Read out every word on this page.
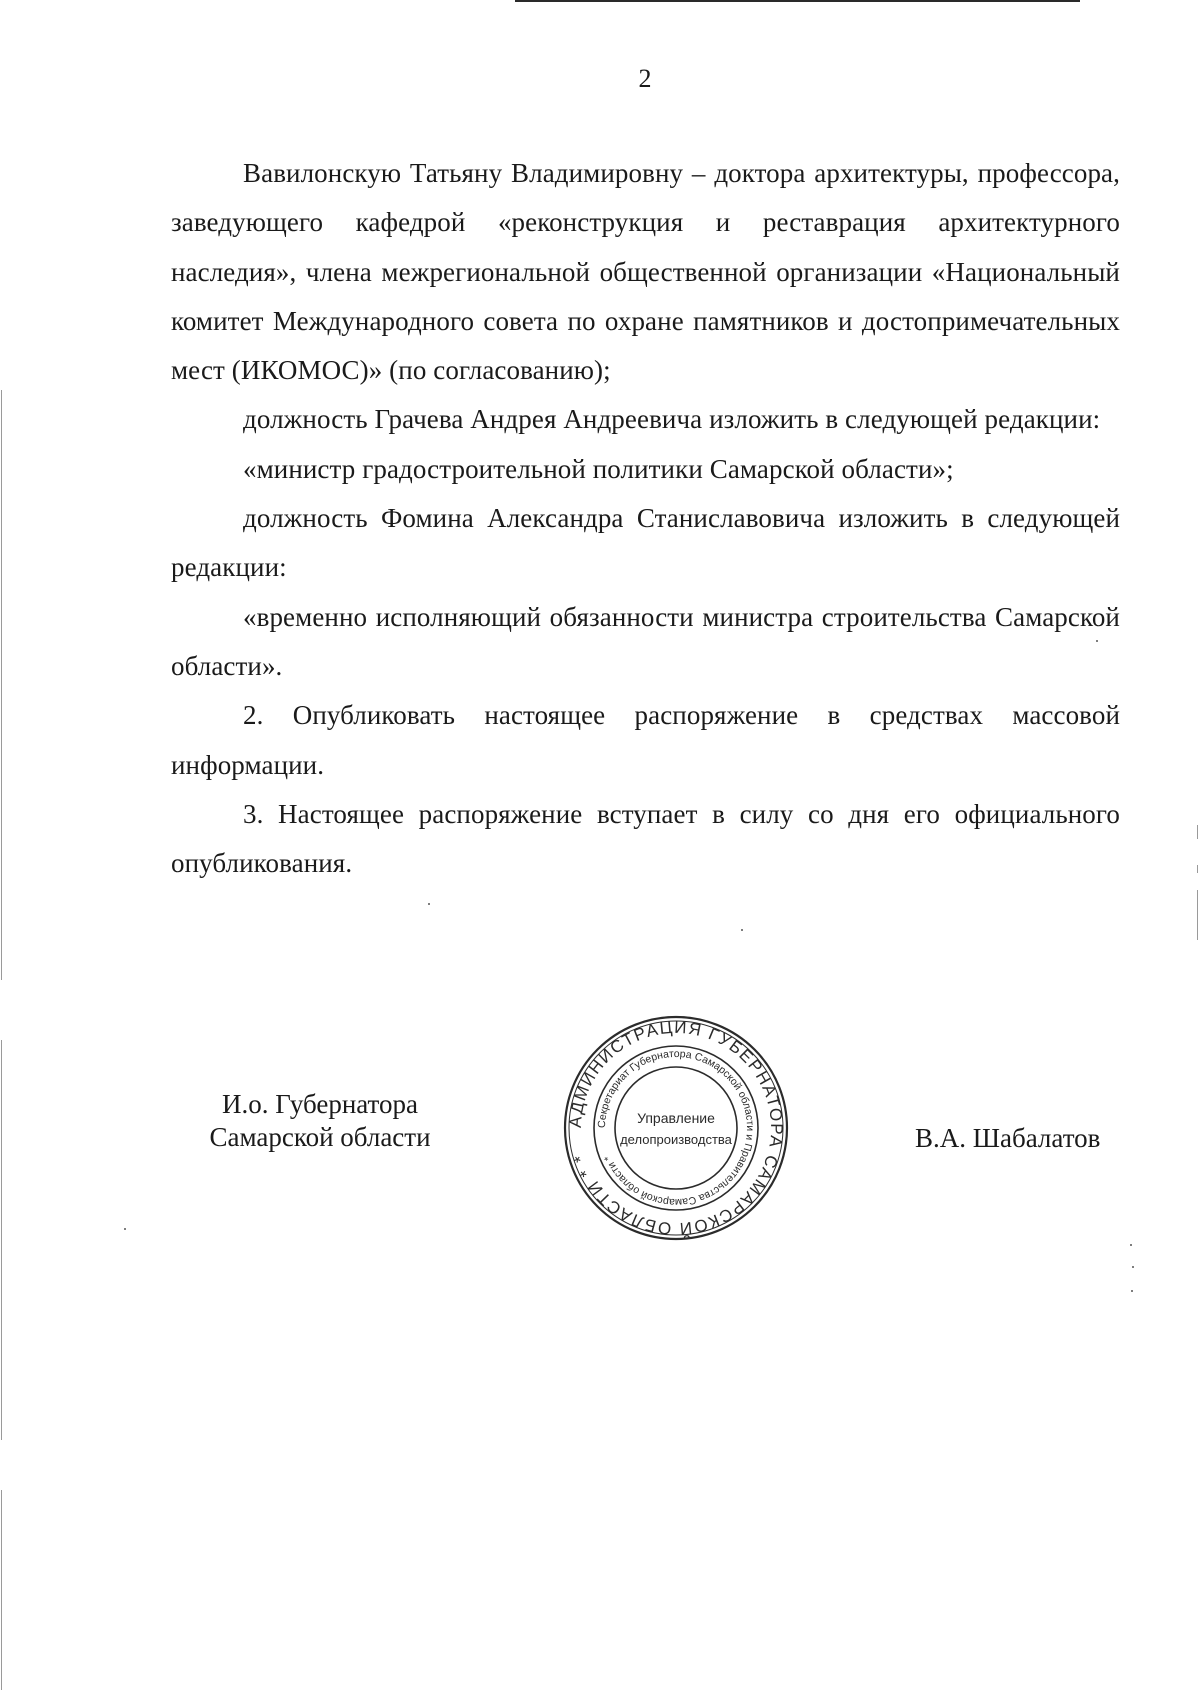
2

Вавилонскую Татьяну Владимировну – доктора архитектуры, профессора, заведующего кафедрой «реконструкция и реставрация архитектурного наследия», члена межрегиональной общественной организации «Национальный комитет Международного совета по охране памятников и достопримечательных мест (ИКОМОС)» (по согласованию);

должность Грачева Андрея Андреевича изложить в следующей редакции:

«министр градостроительной политики Самарской области»;

должность Фомина Александра Станиславовича изложить в следующей редакции:

«временно исполняющий обязанности министра строительства Самарской области».

2. Опубликовать настоящее распоряжение в средствах массовой информации.

3. Настоящее распоряжение вступает в силу со дня его официального опубликования.

И.о. Губернатора
Самарской области
АДМИНИСТРАЦИЯ ГУБЕРНАТОРА САМАРСКОЙ ОБЛАСТИ * *
Секретариат Губернатора Самарской области и Правительства Самарской области *
Управление
делопроизводства	В.А. Шабалатов
